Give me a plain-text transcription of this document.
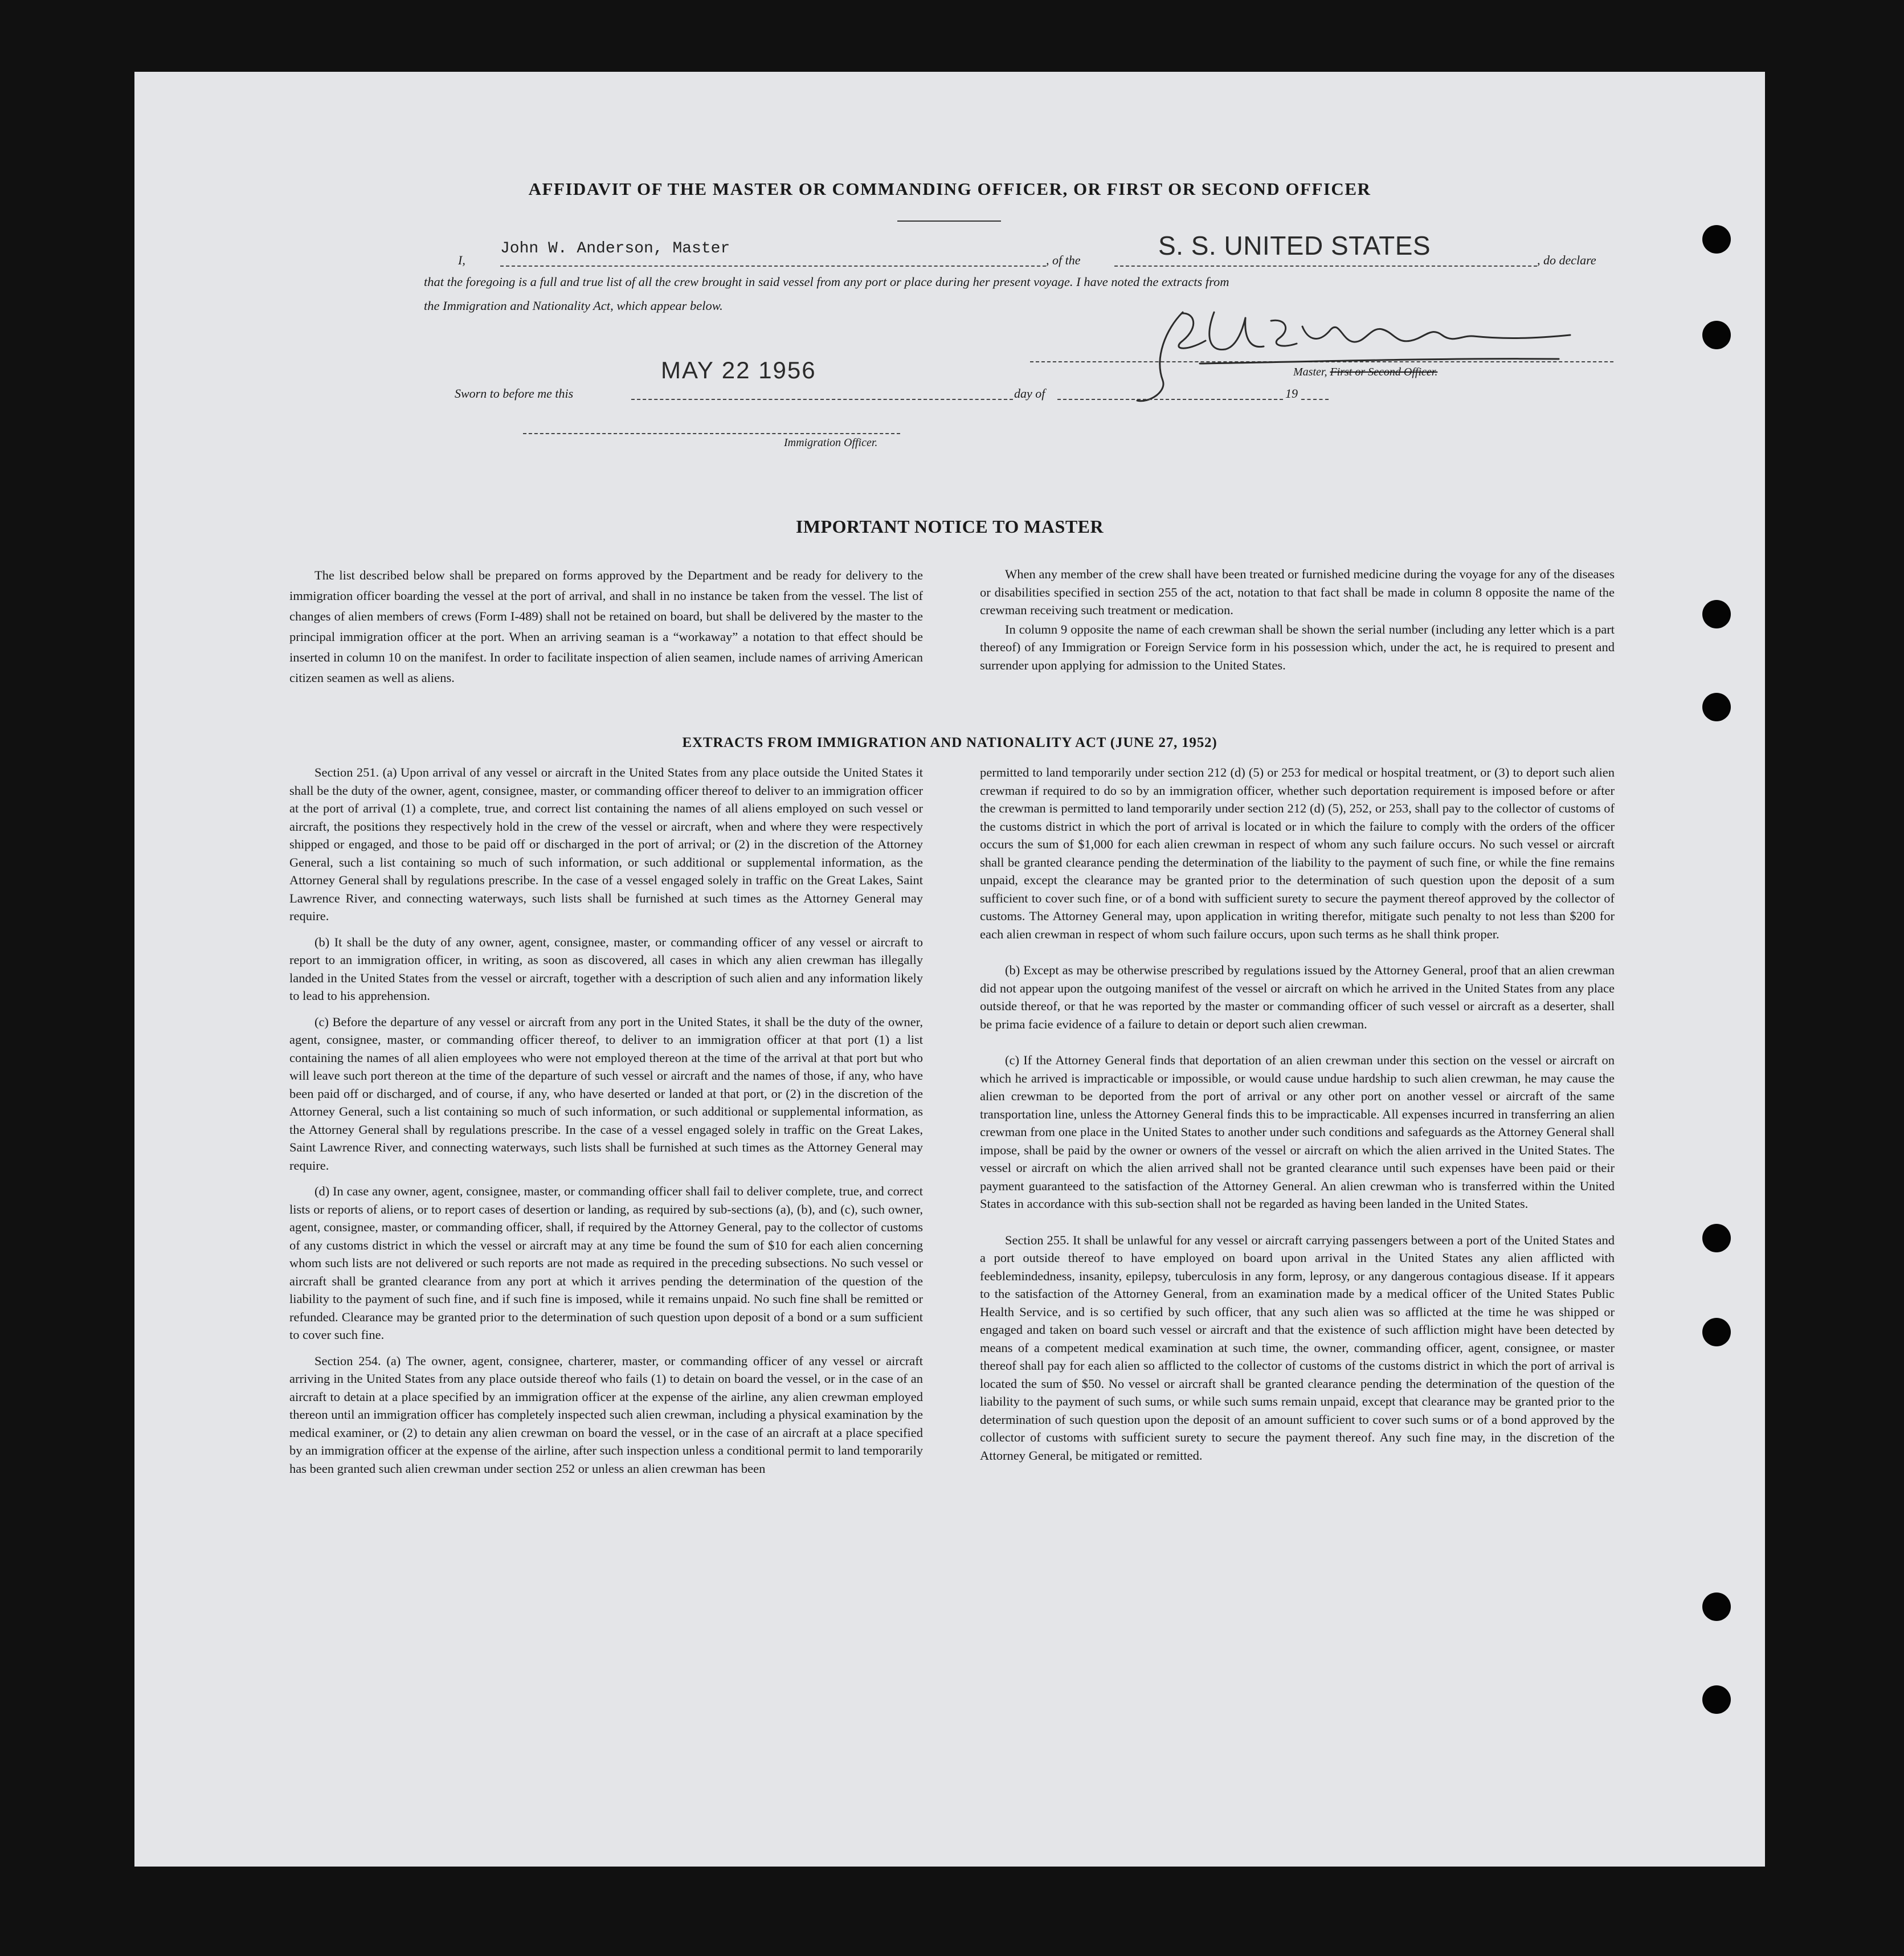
AFFIDAVIT OF THE MASTER OR COMMANDING OFFICER, OR FIRST OR SECOND OFFICER
I,
John W. Anderson, Master
, of the	S. S. UNITED STATES	, do declare
that the foregoing is a full and true list of all the crew brought in said vessel from any port or place during her present voyage. I have noted the extracts from
the Immigration and Nationality Act, which appear below.
Master, First or Second Officer.
Sworn to before me this
MAY 22 1956
day of	19
Immigration Officer.
IMPORTANT NOTICE TO MASTER

The list described below shall be prepared on forms approved by the Department and be ready for delivery to the immigration officer boarding the vessel at the port of arrival, and shall in no instance be taken from the vessel. The list of changes of alien members of crews (Form I-489) shall not be retained on board, but shall be delivered by the master to the principal immigration officer at the port. When an arriving seaman is a “workaway” a notation to that effect should be inserted in column 10 on the manifest. In order to facilitate inspection of alien seamen, include names of arriving American citizen seamen as well as aliens.

When any member of the crew shall have been treated or furnished medicine during the voyage for any of the diseases or disabilities specified in section 255 of the act, notation to that fact shall be made in column 8 opposite the name of the crewman receiving such treatment or medication.

In column 9 opposite the name of each crewman shall be shown the serial number (including any letter which is a part thereof) of any Immigration or Foreign Service form in his possession which, under the act, he is required to present and surrender upon applying for admission to the United States.

EXTRACTS FROM IMMIGRATION AND NATIONALITY ACT (JUNE 27, 1952)

Section 251. (a) Upon arrival of any vessel or aircraft in the United States from any place outside the United States it shall be the duty of the owner, agent, consignee, master, or commanding officer thereof to deliver to an immigration officer at the port of arrival (1) a complete, true, and correct list containing the names of all aliens employed on such vessel or aircraft, the positions they respectively hold in the crew of the vessel or aircraft, when and where they were respectively shipped or engaged, and those to be paid off or discharged in the port of arrival; or (2) in the discretion of the Attorney General, such a list containing so much of such information, or such additional or supplemental information, as the Attorney General shall by regulations prescribe. In the case of a vessel engaged solely in traffic on the Great Lakes, Saint Lawrence River, and connecting waterways, such lists shall be furnished at such times as the Attorney General may require.

(b) It shall be the duty of any owner, agent, consignee, master, or commanding officer of any vessel or aircraft to report to an immigration officer, in writing, as soon as discovered, all cases in which any alien crewman has illegally landed in the United States from the vessel or aircraft, together with a description of such alien and any information likely to lead to his apprehension.

(c) Before the departure of any vessel or aircraft from any port in the United States, it shall be the duty of the owner, agent, consignee, master, or commanding officer thereof, to deliver to an immigration officer at that port (1) a list containing the names of all alien employees who were not employed thereon at the time of the arrival at that port but who will leave such port thereon at the time of the departure of such vessel or aircraft and the names of those, if any, who have been paid off or discharged, and of course, if any, who have deserted or landed at that port, or (2) in the discretion of the Attorney General, such a list containing so much of such information, or such additional or supplemental information, as the Attorney General shall by regulations prescribe. In the case of a vessel engaged solely in traffic on the Great Lakes, Saint Lawrence River, and connecting waterways, such lists shall be furnished at such times as the Attorney General may require.

(d) In case any owner, agent, consignee, master, or commanding officer shall fail to deliver complete, true, and correct lists or reports of aliens, or to report cases of desertion or landing, as required by sub-sections (a), (b), and (c), such owner, agent, consignee, master, or commanding officer, shall, if required by the Attorney General, pay to the collector of customs of any customs district in which the vessel or aircraft may at any time be found the sum of $10 for each alien concerning whom such lists are not delivered or such reports are not made as required in the preceding subsections. No such vessel or aircraft shall be granted clearance from any port at which it arrives pending the determination of the question of the liability to the payment of such fine, and if such fine is imposed, while it remains unpaid. No such fine shall be remitted or refunded. Clearance may be granted prior to the determination of such question upon deposit of a bond or a sum sufficient to cover such fine.

Section 254. (a) The owner, agent, consignee, charterer, master, or commanding officer of any vessel or aircraft arriving in the United States from any place outside thereof who fails (1) to detain on board the vessel, or in the case of an aircraft to detain at a place specified by an immigration officer at the expense of the airline, any alien crewman employed thereon until an immigration officer has completely inspected such alien crewman, including a physical examination by the medical examiner, or (2) to detain any alien crewman on board the vessel, or in the case of an aircraft at a place specified by an immigration officer at the expense of the airline, after such inspection unless a conditional permit to land temporarily has been granted such alien crewman under section 252 or unless an alien crewman has been

permitted to land temporarily under section 212 (d) (5) or 253 for medical or hospital treatment, or (3) to deport such alien crewman if required to do so by an immigration officer, whether such deportation requirement is imposed before or after the crewman is permitted to land temporarily under section 212 (d) (5), 252, or 253, shall pay to the collector of customs of the customs district in which the port of arrival is located or in which the failure to comply with the orders of the officer occurs the sum of $1,000 for each alien crewman in respect of whom any such failure occurs. No such vessel or aircraft shall be granted clearance pending the determination of the liability to the payment of such fine, or while the fine remains unpaid, except the clearance may be granted prior to the determination of such question upon the deposit of a sum sufficient to cover such fine, or of a bond with sufficient surety to secure the payment thereof approved by the collector of customs. The Attorney General may, upon application in writing therefor, mitigate such penalty to not less than $200 for each alien crewman in respect of whom such failure occurs, upon such terms as he shall think proper.

(b) Except as may be otherwise prescribed by regulations issued by the Attorney General, proof that an alien crewman did not appear upon the outgoing manifest of the vessel or aircraft on which he arrived in the United States from any place outside thereof, or that he was reported by the master or commanding officer of such vessel or aircraft as a deserter, shall be prima facie evidence of a failure to detain or deport such alien crewman.

(c) If the Attorney General finds that deportation of an alien crewman under this section on the vessel or aircraft on which he arrived is impracticable or impossible, or would cause undue hardship to such alien crewman, he may cause the alien crewman to be deported from the port of arrival or any other port on another vessel or aircraft of the same transportation line, unless the Attorney General finds this to be impracticable. All expenses incurred in transferring an alien crewman from one place in the United States to another under such conditions and safeguards as the Attorney General shall impose, shall be paid by the owner or owners of the vessel or aircraft on which the alien arrived in the United States. The vessel or aircraft on which the alien arrived shall not be granted clearance until such expenses have been paid or their payment guaranteed to the satisfaction of the Attorney General. An alien crewman who is transferred within the United States in accordance with this sub-section shall not be regarded as having been landed in the United States.

Section 255. It shall be unlawful for any vessel or aircraft carrying passengers between a port of the United States and a port outside thereof to have employed on board upon arrival in the United States any alien afflicted with feeblemindedness, insanity, epilepsy, tuberculosis in any form, leprosy, or any dangerous contagious disease. If it appears to the satisfaction of the Attorney General, from an examination made by a medical officer of the United States Public Health Service, and is so certified by such officer, that any such alien was so afflicted at the time he was shipped or engaged and taken on board such vessel or aircraft and that the existence of such affliction might have been detected by means of a competent medical examination at such time, the owner, commanding officer, agent, consignee, or master thereof shall pay for each alien so afflicted to the collector of customs of the customs district in which the port of arrival is located the sum of $50. No vessel or aircraft shall be granted clearance pending the determination of the question of the liability to the payment of such sums, or while such sums remain unpaid, except that clearance may be granted prior to the determination of such question upon the deposit of an amount sufficient to cover such sums or of a bond approved by the collector of customs with sufficient surety to secure the payment thereof. Any such fine may, in the discretion of the Attorney General, be mitigated or remitted.
